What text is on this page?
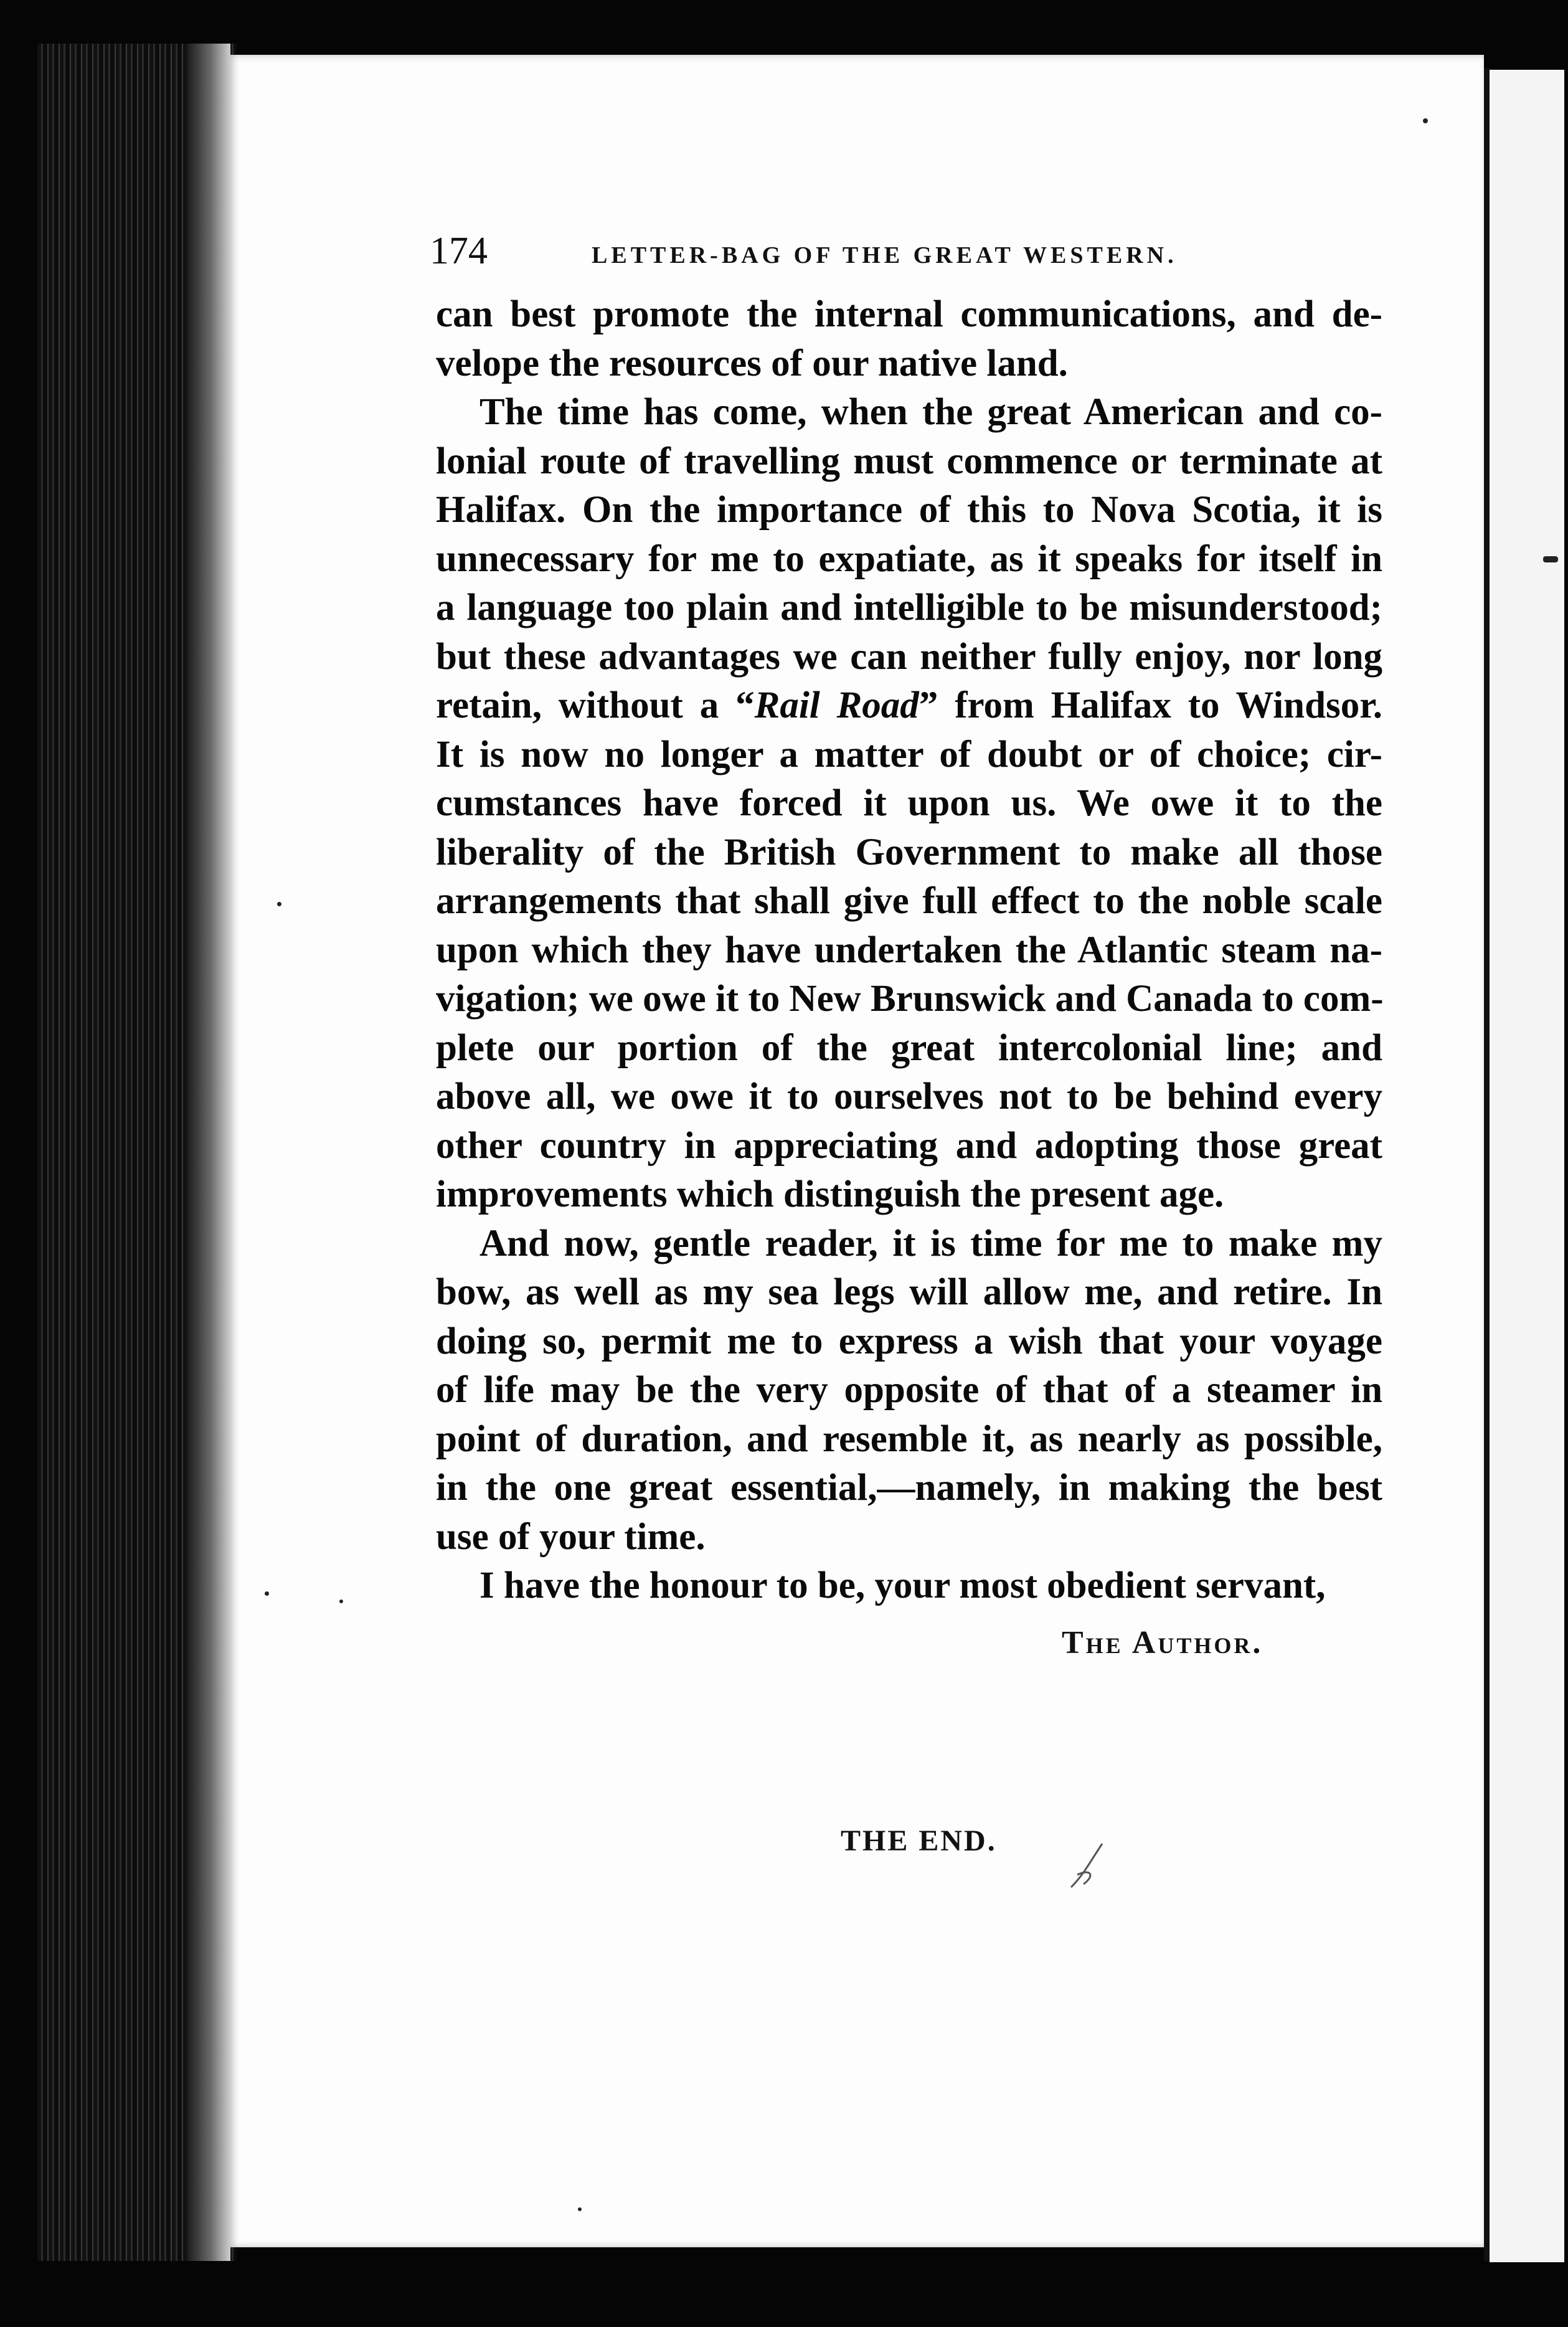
174	LETTER-BAG OF THE GREAT WESTERN.
can best promote the internal communications, and de-
velope the resources of our native land.
The time has come, when the great American and co-
lonial route of travelling must commence or terminate at
Halifax. On the importance of this to Nova Scotia, it is
unnecessary for me to expatiate, as it speaks for itself in
a language too plain and intelligible to be misunderstood;
but these advantages we can neither fully enjoy, nor long
retain, without a “Rail Road” from Halifax to Windsor.
It is now no longer a matter of doubt or of choice; cir-
cumstances have forced it upon us. We owe it to the
liberality of the British Government to make all those
arrangements that shall give full effect to the noble scale
upon which they have undertaken the Atlantic steam na-
vigation; we owe it to New Brunswick and Canada to com-
plete our portion of the great intercolonial line; and
above all, we owe it to ourselves not to be behind every
other country in appreciating and adopting those great
improvements which distinguish the present age.
And now, gentle reader, it is time for me to make my
bow, as well as my sea legs will allow me, and retire. In
doing so, permit me to express a wish that your voyage
of life may be the very opposite of that of a steamer in
point of duration, and resemble it, as nearly as possible,
in the one great essential,—namely, in making the best
use of your time.
I have the honour to be, your most obedient servant,
The Author.
THE END.
